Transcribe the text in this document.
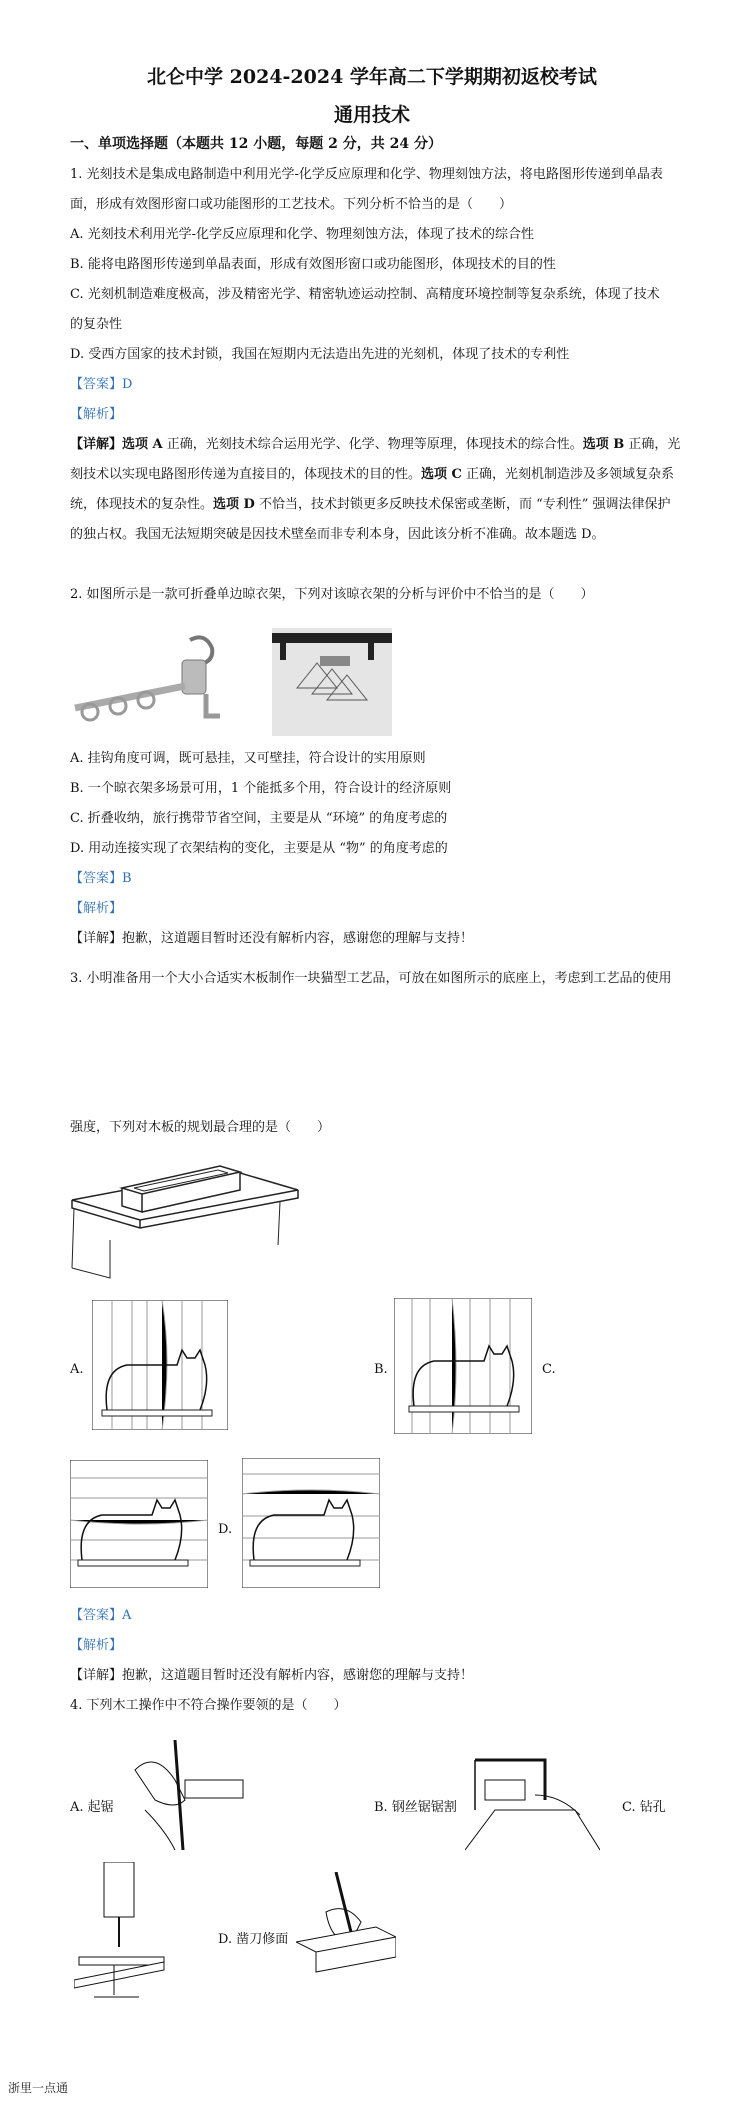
北仑中学 2024-2024 学年高二下学期期初返校考试
通用技术
一、单项选择题（本题共 12 小题，每题 2 分，共 24 分）
1. 光刻技术是集成电路制造中利用光学-化学反应原理和化学、物理刻蚀方法，将电路图形传递到单晶表
面，形成有效图形窗口或功能图形的工艺技术。下列分析不恰当的是（　　）
A. 光刻技术利用光学-化学反应原理和化学、物理刻蚀方法，体现了技术的综合性
B. 能将电路图形传递到单晶表面，形成有效图形窗口或功能图形，体现技术的目的性
C. 光刻机制造难度极高，涉及精密光学、精密轨迹运动控制、高精度环境控制等复杂系统，体现了技术
的复杂性
D. 受西方国家的技术封锁，我国在短期内无法造出先进的光刻机，体现了技术的专利性
【答案】D
【解析】
【详解】选项 A 正确，光刻技术综合运用光学、化学、物理等原理，体现技术的综合性。选项 B 正确，光
刻技术以实现电路图形传递为直接目的，体现技术的目的性。选项 C 正确，光刻机制造涉及多领域复杂系
统，体现技术的复杂性。选项 D 不恰当，技术封锁更多反映技术保密或垄断，而 “专利性” 强调法律保护
的独占权。我国无法短期突破是因技术壁垒而非专利本身，因此该分析不准确。故本题选 D。
2. 如图所示是一款可折叠单边晾衣架，下列对该晾衣架的分析与评价中不恰当的是（　　）
A. 挂钩角度可调，既可悬挂，又可壁挂，符合设计的实用原则
B. 一个晾衣架多场景可用，1 个能抵多个用，符合设计的经济原则
C. 折叠收纳，旅行携带节省空间，主要是从 “环境” 的角度考虑的
D. 用动连接实现了衣架结构的变化，主要是从 “物” 的角度考虑的
【答案】B
【解析】
【详解】抱歉，这道题目暂时还没有解析内容，感谢您的理解与支持！
3. 小明准备用一个大小合适实木板制作一块猫型工艺品，可放在如图所示的底座上，考虑到工艺品的使用
强度，下列对木板的规划最合理的是（　　）
A.	B.	C.
D.
【答案】A
【解析】
【详解】抱歉，这道题目暂时还没有解析内容，感谢您的理解与支持！
4. 下列木工操作中不符合操作要领的是（　　）
A. 起锯	B. 钢丝锯锯割	C. 钻孔
D. 凿刀修面
浙里一点通
